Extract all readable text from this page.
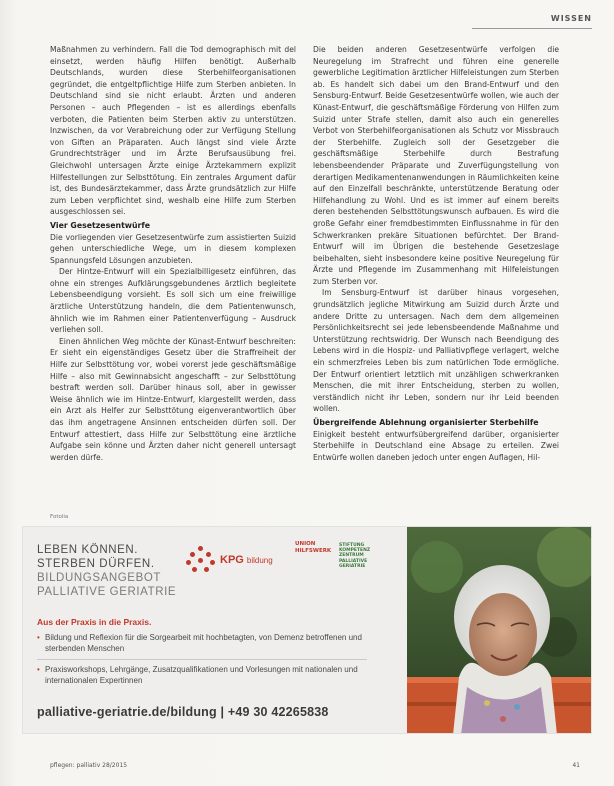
WISSEN

Maßnahmen zu verhindern. Fall die Tod demographisch mit del einsetzt, werden häufig Hilfen benötigt. Außerhalb Deutschlands, wurden diese Sterbehilfeorganisationen gegründet, die entgeltpflichtige Hilfe zum Sterben anbieten. In Deutschland sind sie nicht erlaubt. Ärzten und anderen Personen – auch Pflegenden – ist es allerdings ebenfalls verboten, die Patienten beim Sterben aktiv zu unterstützen. Inzwischen, da vor Verabreichung oder zur Verfügung Stellung von Giften an Präparaten. Auch längst sind viele Ärzte Grundrechtsträger und im Ärzte Berufsausübung frei. Gleichwohl untersagen Ärzte einige Ärztekammern explizit Hilfestellungen zur Selbsttötung. Ein zentrales Argument dafür ist, des Bundesärztekammer, dass Ärzte grundsätzlich zur Hilfe zum Leben verpflichtet sind, weshalb eine Hilfe zum Sterben ausgeschlossen sei.

Vier Gesetzesentwürfe

Die vorliegenden vier Gesetzesentwürfe zum assistierten Suizid gehen unterschiedliche Wege, um in diesem komplexen Spannungsfeld Lösungen anzubieten.

Der Hintze-Entwurf will ein Spezialbilligesetz einführen, das ohne ein strenges Aufklärungsgebundenes ärztlich begleitete Lebensbeendigung vorsieht. Es soll sich um eine freiwillige ärztliche Unterstützung handeln, die dem Patientenwunsch, ähnlich wie im Rahmen einer Patientenverfügung – Ausdruck verliehen soll.

Einen ähnlichen Weg möchte der Künast-Entwurf beschreiten: Er sieht ein eigenständiges Gesetz über die Straffreiheit der Hilfe zur Selbsttötung vor, wobei vorerst jede geschäftsmäßige Hilfe – also mit Gewinnabsicht angeschafft – zur Selbsttötung bestraft werden soll. Darüber hinaus soll, aber in gewisser Weise ähnlich wie im Hintze-Entwurf, klargestellt werden, dass ein Arzt als Helfer zur Selbsttötung eigenverantwortlich über das ihm angetragene Ansinnen entscheiden dürfen soll. Der Entwurf attestiert, dass Hilfe zur Selbsttötung eine ärztliche Aufgabe sein könne und Ärzten daher nicht generell untersagt werden dürfe.

Die beiden anderen Gesetzesentwürfe verfolgen die Neuregelung im Strafrecht und führen eine generelle gewerbliche Legitimation ärztlicher Hilfeleistungen zum Sterben ab. Es handelt sich dabei um den Brand-Entwurf und den Sensburg-Entwurf. Beide Gesetzesentwürfe wollen, wie auch der Künast-Entwurf, die geschäftsmäßige Förderung von Hilfen zum Suizid unter Strafe stellen, damit also auch ein generelles Verbot von Sterbehilfeorganisationen als Schutz vor Missbrauch der Sterbehilfe. Zugleich soll der Gesetzgeber die geschäftsmäßige Sterbehilfe durch Bestrafung lebensbeendender Präparate und Zuverfügungstellung von derartigen Medikamentenanwendungen in Räumlichkeiten keine auf den Einzelfall beschränkte, unterstützende Beratung oder Hilfehandlung zu Wohl. Und es ist immer auf einem bereits deren bestehenden Selbsttötungswunsch aufbauen. Es wird die große Gefahr einer fremdbestimmten Einflussnahme in für den Schwerkranken prekäre Situationen befürchtet. Der Brand-Entwurf will im Übrigen die bestehende Gesetzeslage beibehalten, sieht insbesondere keine positive Neuregelung für Ärzte und Pflegende im Zusammenhang mit Hilfeleistungen zum Sterben vor.

Im Sensburg-Entwurf ist darüber hinaus vorgesehen, grundsätzlich jegliche Mitwirkung am Suizid durch Ärzte und andere Dritte zu untersagen. Nach dem dem allgemeinen Persönlichkeitsrecht sei jede lebensbeendende Maßnahme und Unterstützung rechtswidrig. Der Wunsch nach Beendigung des Lebens wird in die Hospiz- und Palliativpflege verlagert, welche ein schmerzfreies Leben bis zum natürlichen Tode ermögliche. Der Entwurf orientiert letztlich mit unzähligen schwerkranken Menschen, die mit ihrer Entscheidung, sterben zu wollen, verständlich nicht ihr Leben, sondern nur ihr Leid beenden wollen.

Übergreifende Ablehnung organisierter Sterbehilfe

Einigkeit besteht entwurfsübergreifend darüber, organisierter Sterbehilfe in Deutschland eine Absage zu erteilen. Zwei Entwürfe wollen daneben jedoch unter engen Auflagen, Hil-

Fotolia
LEBEN KÖNNEN.
STERBEN DÜRFEN.
BILDUNGSANGEBOT
PALLIATIVE GERIATRIE
KPG bildung
UNION
HILFSWERK
STIFTUNG
KOMPETENZ
ZENTRUM
PALLIATIVE
GERIATRIE
Aus der Praxis in die Praxis.
• Bildung und Reflexion für die Sorgearbeit mit hochbetagten, von Demenz betroffenen und sterbenden Menschen
• Praxisworkshops, Lehrgänge, Zusatzqualifikationen und Vorlesungen mit nationalen und internationalen Expertinnen
palliative-geriatrie.de/bildung | +49 30 42265838
pflegen: palliativ 28/2015	41
